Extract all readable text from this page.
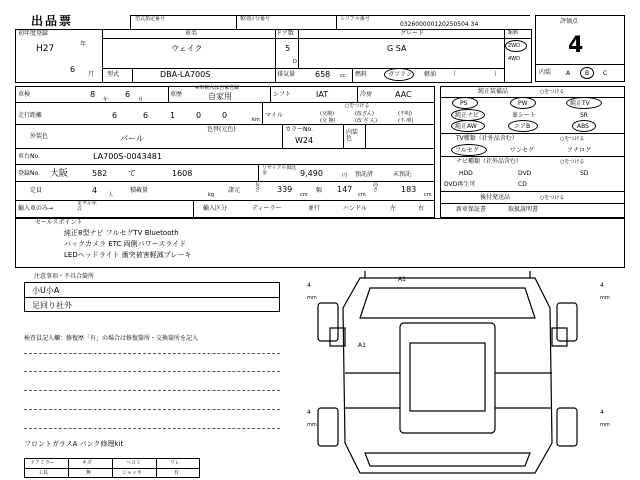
出品票	型式指定番号	類別区分番号	シリアル番号
032600000120250504 34	評価点
4
内装 A B C
初年度登録
H27	年
6
月
車名
ウェイク
ドア数
5
D
グレード
G SA
駆動
2WD
4WD
型式	DBA-LA700S	排気量 658 cc 燃料	ガソリン 軽油 （	）
車検	8
年
6
月
車歴
※車検入は自家登録
自家用	シフト	IAT	冷房	AAC
走行距離	6	6	1	0	0	km
マイル
○をつける
(交換)	(改ざん)	(不明)
(交 換)	(改 ざ ん)	(不 明)
外装色	パール
色替(元色)	カラーNo.
W24
内装色
車台No.	LA700S-0043481
登録No. 大阪	582	て	1608
リサイクル預託金	9,490	円 預託済	未預託
定員	4 人
積載量
kg
諸元
長さ	339
cm
幅 147
cm
高さ	183
cm
輸入車のみ→
モデル年式	輸入区分	ディーラー	並行	ハンドル	左	右
純正装備品	○をつける
PS	PW	純正TV
純正ナビ	革シート	SR
純正AW	エアB	ABS
TV種類（社外品含む）	○をつける
フルセグ	ワンセグ	アナログ
ナビ種類（社外品含む）	○をつける
HDD	DVD	SD
DVD再生可	CD
後付発送品	○をつける
新車保証書	取扱説明書
セールスポイント
純正8型ナビ フルセグTV Bluetooth
バックカメラ ETC 両側パワースライド
LEDヘッドライト 衝突被害軽減ブレーキ
注意事項・不具合箇所
小U小A
足回り社外
検査員記入欄：修復歴「有」の場合は修復箇所・交換箇所を記入
フロントガラスA パンク修理kit
ドアミラー	キズ	ヘコミ	ワレ
工具	無	ジャッキ	有
A1
A1
4
mm
4
mm
4
mm
4
mm
